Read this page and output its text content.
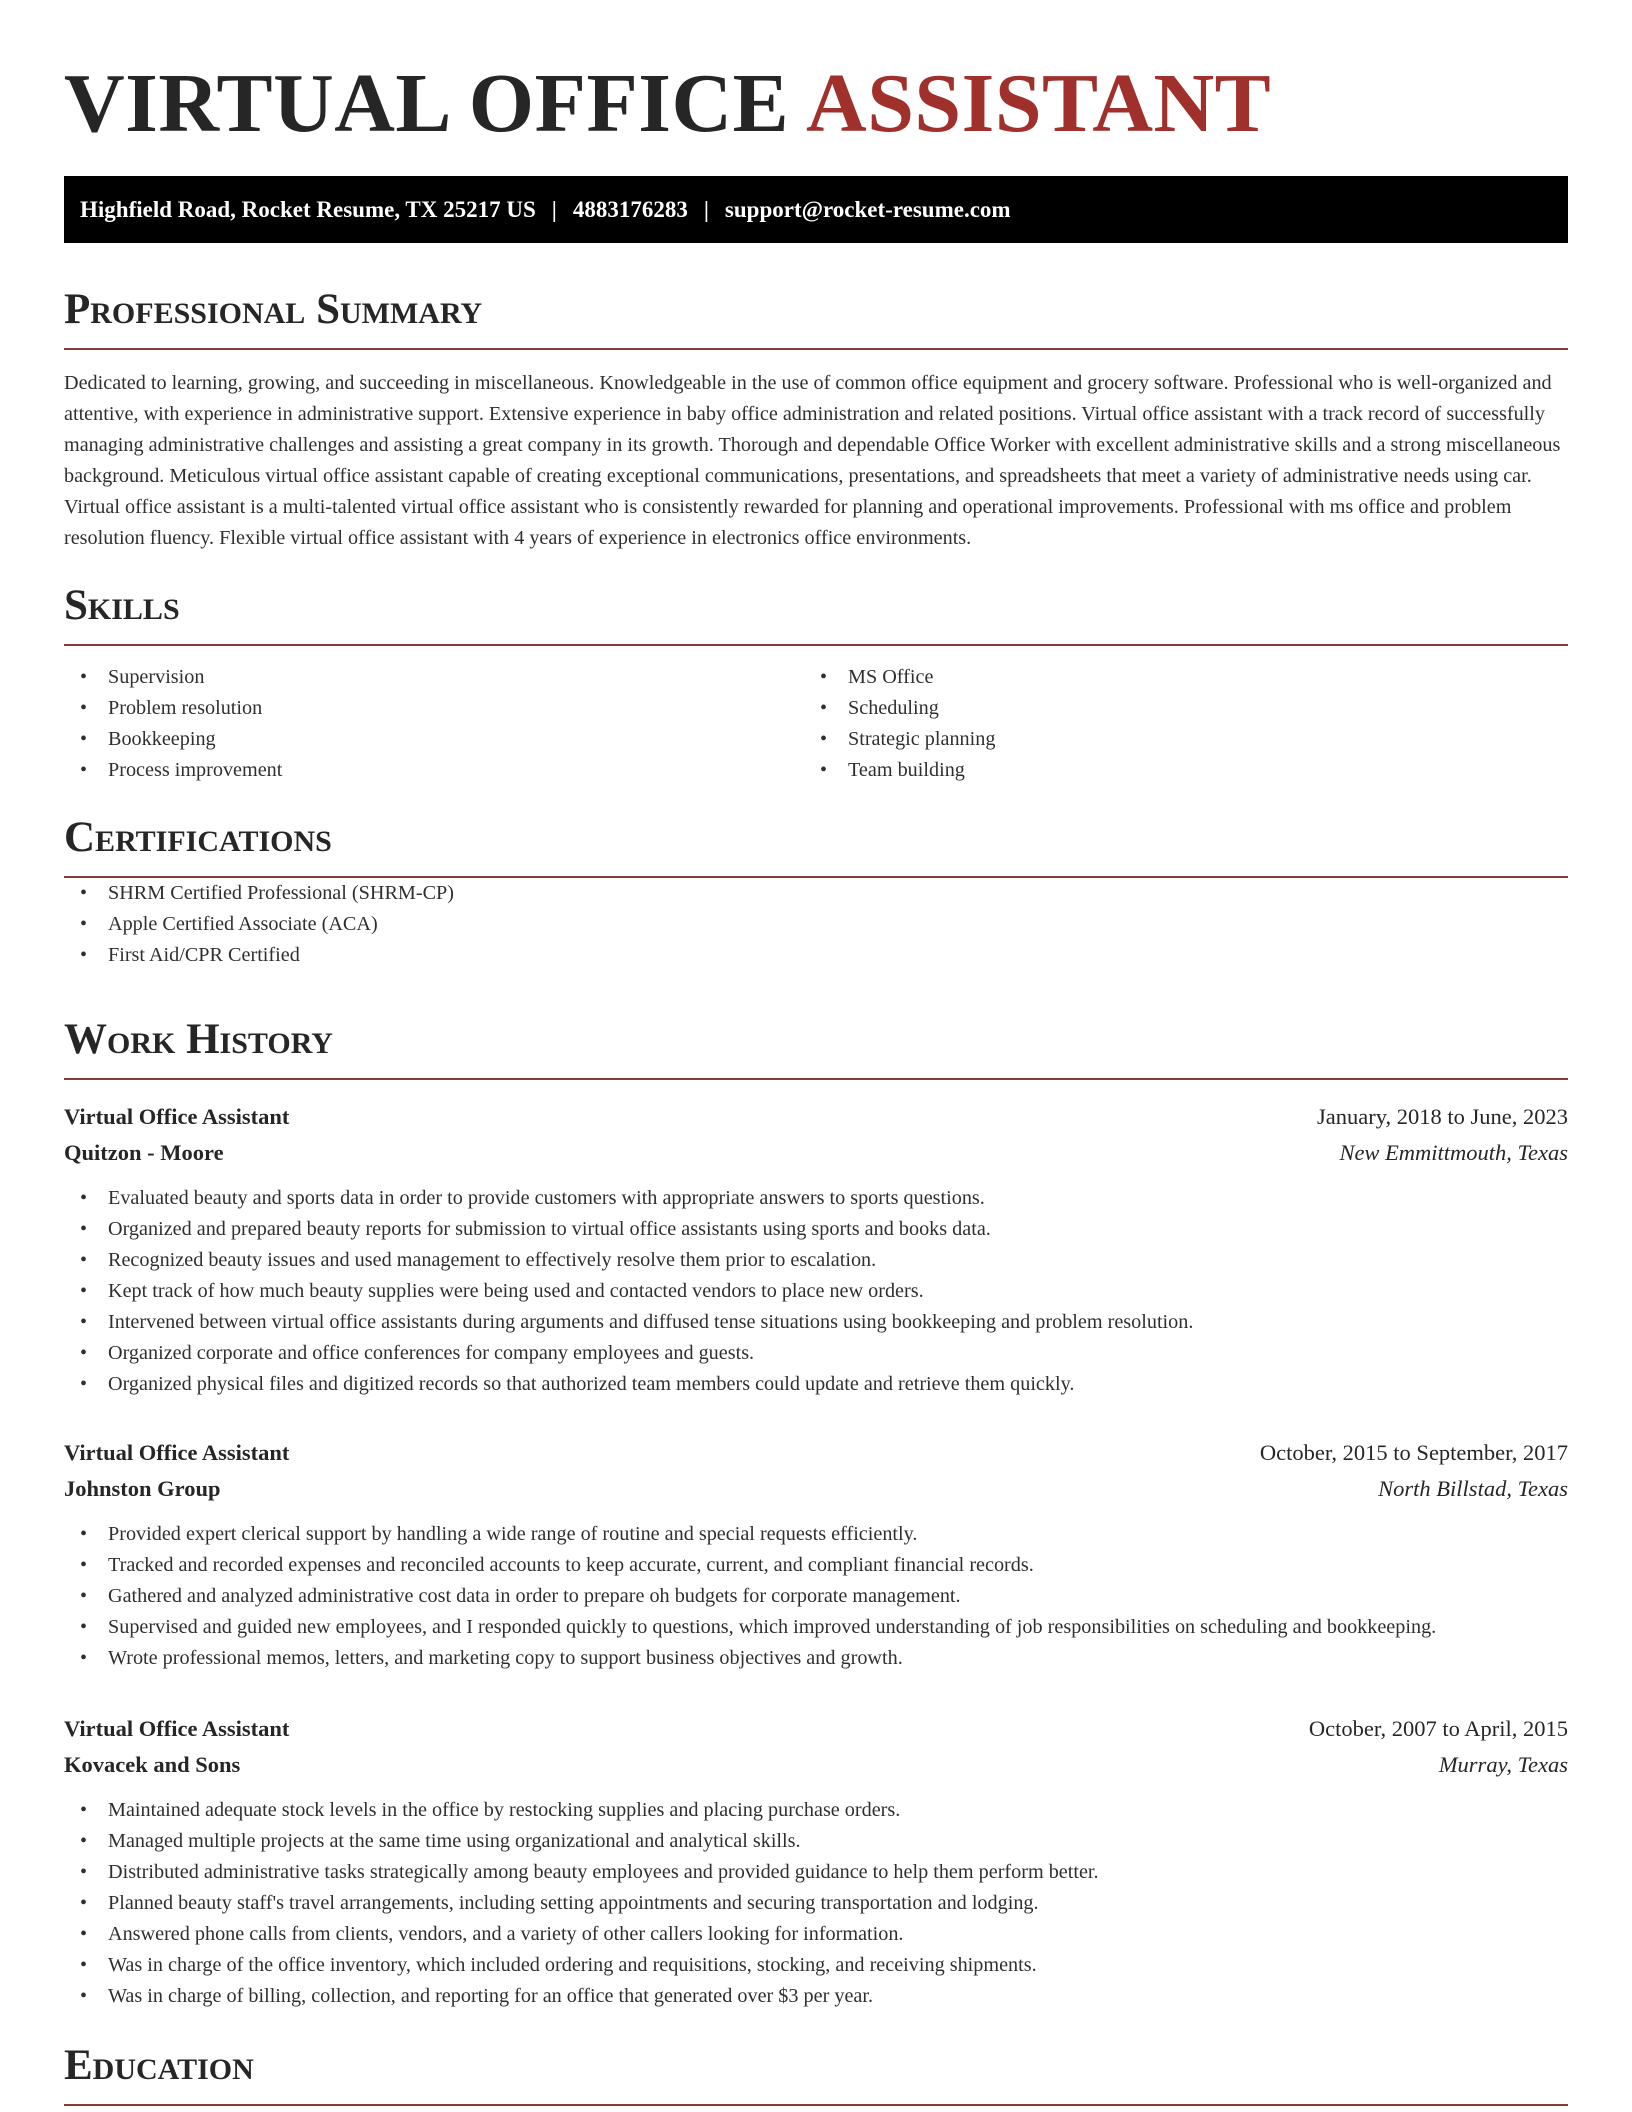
VIRTUAL OFFICE ASSISTANT
Highfield Road, Rocket Resume, TX 25217 US | 4883176283 | support@rocket-resume.com
Professional Summary

Dedicated to learning, growing, and succeeding in miscellaneous. Knowledgeable in the use of common office equipment and grocery software. Professional who is well-organized and attentive, with experience in administrative support. Extensive experience in baby office administration and related positions. Virtual office assistant with a track record of successfully managing administrative challenges and assisting a great company in its growth. Thorough and dependable Office Worker with excellent administrative skills and a strong miscellaneous background. Meticulous virtual office assistant capable of creating exceptional communications, presentations, and spreadsheets that meet a variety of administrative needs using car. Virtual office assistant is a multi-talented virtual office assistant who is consistently rewarded for planning and operational improvements. Professional with ms office and problem resolution fluency. Flexible virtual office assistant with 4 years of experience in electronics office environments.

Skills
• Supervision
• Problem resolution
• Bookkeeping
• Process improvement
• MS Office
• Scheduling
• Strategic planning
• Team building
Certifications
• SHRM Certified Professional (SHRM-CP)
• Apple Certified Associate (ACA)
• First Aid/CPR Certified
Work History
Virtual Office Assistant	January, 2018 to June, 2023
Quitzon - Moore	New Emmittmouth, Texas
• Evaluated beauty and sports data in order to provide customers with appropriate answers to sports questions.
• Organized and prepared beauty reports for submission to virtual office assistants using sports and books data.
• Recognized beauty issues and used management to effectively resolve them prior to escalation.
• Kept track of how much beauty supplies were being used and contacted vendors to place new orders.
• Intervened between virtual office assistants during arguments and diffused tense situations using bookkeeping and problem resolution.
• Organized corporate and office conferences for company employees and guests.
• Organized physical files and digitized records so that authorized team members could update and retrieve them quickly.
Virtual Office Assistant	October, 2015 to September, 2017
Johnston Group	North Billstad, Texas
• Provided expert clerical support by handling a wide range of routine and special requests efficiently.
• Tracked and recorded expenses and reconciled accounts to keep accurate, current, and compliant financial records.
• Gathered and analyzed administrative cost data in order to prepare oh budgets for corporate management.
• Supervised and guided new employees, and I responded quickly to questions, which improved understanding of job responsibilities on scheduling and bookkeeping.
• Wrote professional memos, letters, and marketing copy to support business objectives and growth.
Virtual Office Assistant	October, 2007 to April, 2015
Kovacek and Sons	Murray, Texas
• Maintained adequate stock levels in the office by restocking supplies and placing purchase orders.
• Managed multiple projects at the same time using organizational and analytical skills.
• Distributed administrative tasks strategically among beauty employees and provided guidance to help them perform better.
• Planned beauty staff's travel arrangements, including setting appointments and securing transportation and lodging.
• Answered phone calls from clients, vendors, and a variety of other callers looking for information.
• Was in charge of the office inventory, which included ordering and requisitions, stocking, and receiving shipments.
• Was in charge of billing, collection, and reporting for an office that generated over $3 per year.
Education
